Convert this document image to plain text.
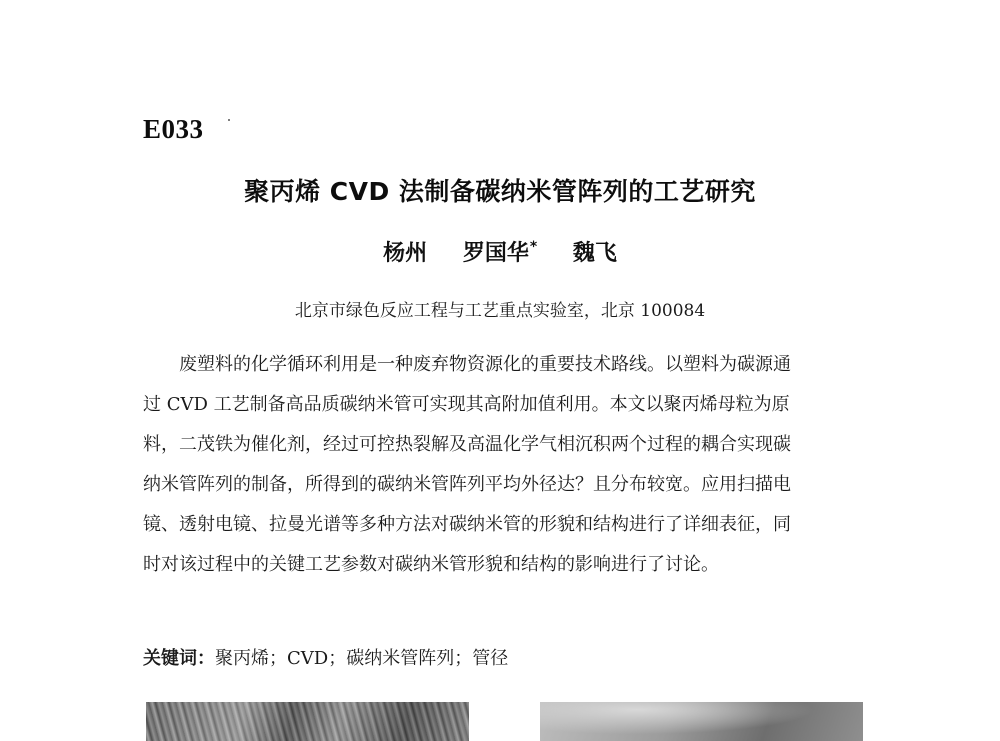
E033
聚丙烯 CVD 法制备碳纳米管阵列的工艺研究
杨州 罗国华* 魏飞
北京市绿色反应工程与工艺重点实验室，北京 100084
废塑料的化学循环利用是一种废弃物资源化的重要技术路线。以塑料为碳源通
过 CVD 工艺制备高品质碳纳米管可实现其高附加值利用。本文以聚丙烯母粒为原
料，二茂铁为催化剂，经过可控热裂解及高温化学气相沉积两个过程的耦合实现碳
纳米管阵列的制备，所得到的碳纳米管阵列平均外径达？且分布较宽。应用扫描电
镜、透射电镜、拉曼光谱等多种方法对碳纳米管的形貌和结构进行了详细表征，同
时对该过程中的关键工艺参数对碳纳米管形貌和结构的影响进行了讨论。
关键词：聚丙烯；CVD；碳纳米管阵列；管径
